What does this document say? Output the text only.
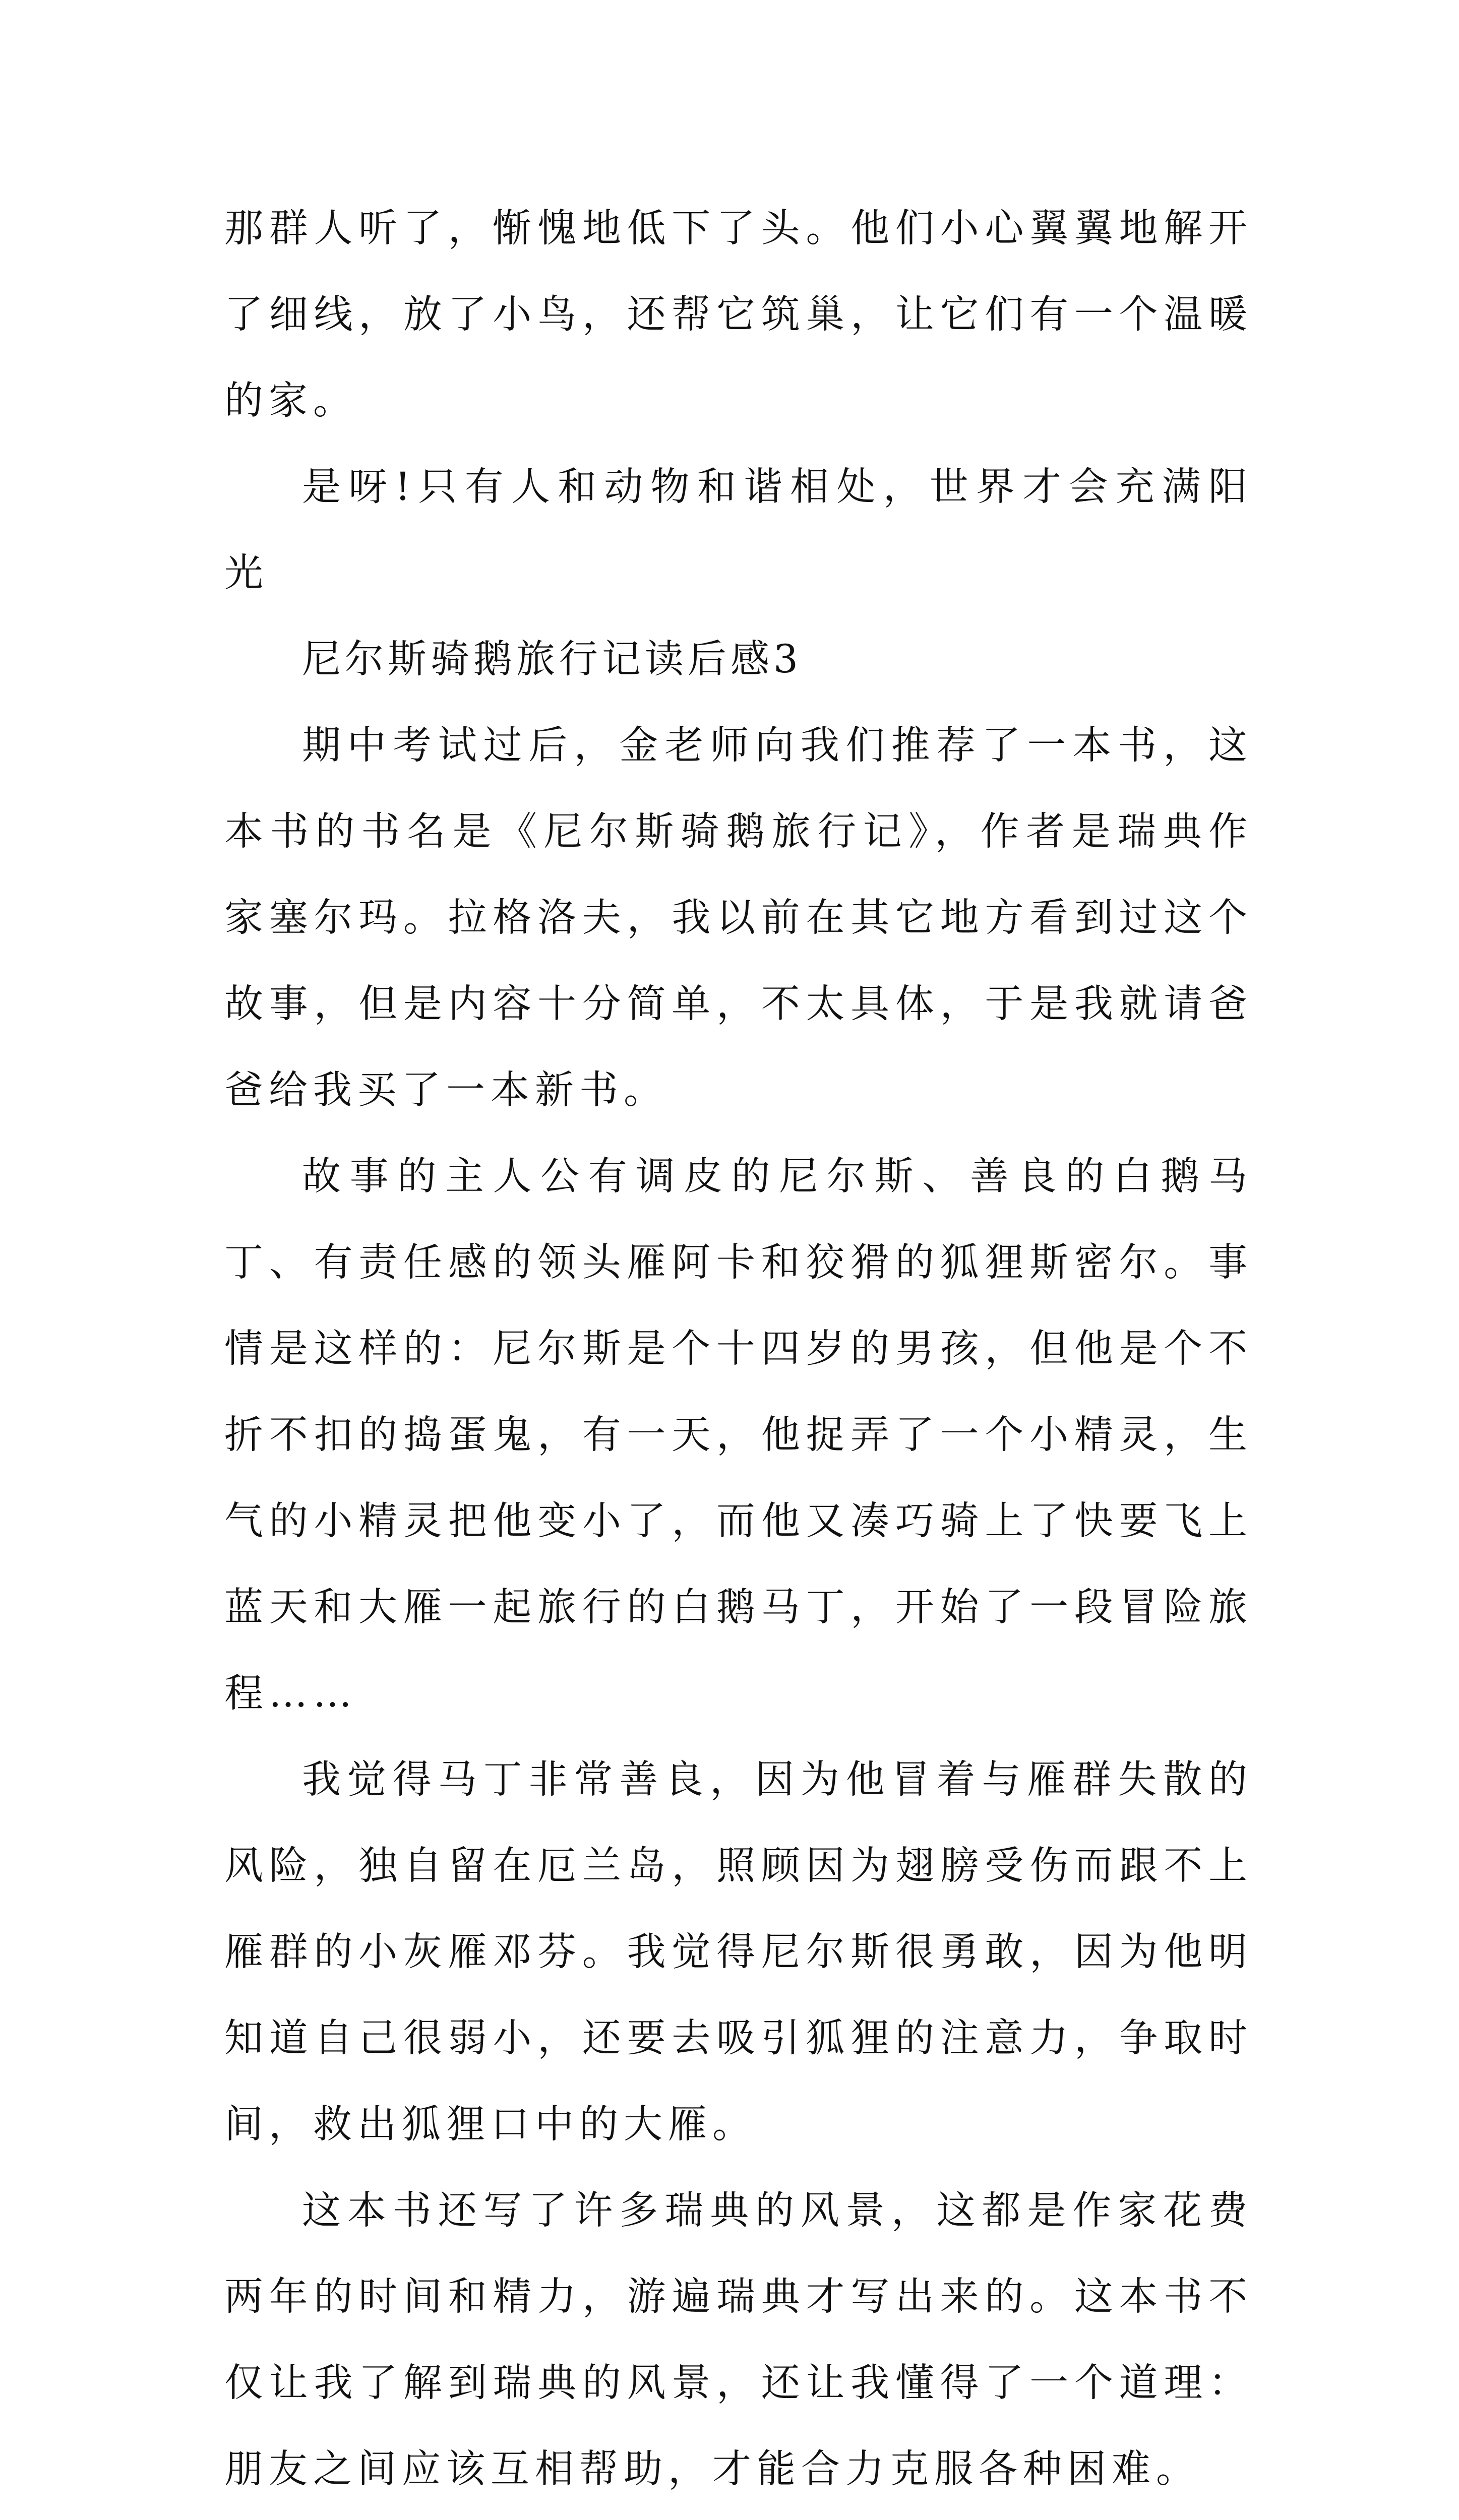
那群人听了，惭愧地低下了头。他们小心翼翼地解开了细线，放了小鸟，还帮它筑巢，让它们有一个温暖的家。

是呀!只有人和动物和谐相处，世界才会充满阳光

尼尔斯骑鹅旅行记读后感3

期中考试过后，金老师向我们推荐了一本书，这本书的书名是《尼尔斯骑鹅旅行记》，作者是瑞典作家塞尔玛。拉格洛夫，我以前在其它地方看到过这个故事，但是内容十分简单，不太具体，于是我就请爸爸给我买了一本新书。

故事的主人公有调皮的尼尔斯、善良的白鹅马丁、有责任感的领头雁阿卡和狡猾的狐狸斯密尔。事情是这样的：尼尔斯是个十四岁的男孩，但他是个不折不扣的捣蛋鬼，有一天，他捉弄了一个小精灵，生气的小精灵把他变小了，而他又凑巧骑上了快要飞上蓝天和大雁一起旅行的白鹅马丁，开始了一段冒险旅程……

我觉得马丁非常善良，因为他冒着与雁群失散的风险，独自留在厄兰岛，照顾因为翅膀受伤而跟不上雁群的小灰雁邓芬。我觉得尼尔斯很勇敢，因为他明知道自己很弱小，还要去吸引狐狸的注意力，争取时间，救出狐狸口中的大雁。

这本书还写了许多瑞典的风景，这都是作家花费两年的时间和精力，游遍瑞典才写出来的。这本书不仅让我了解到瑞典的风景，还让我懂得了一个道理：朋友之间应该互相帮助，才能合力克服各种困难。
